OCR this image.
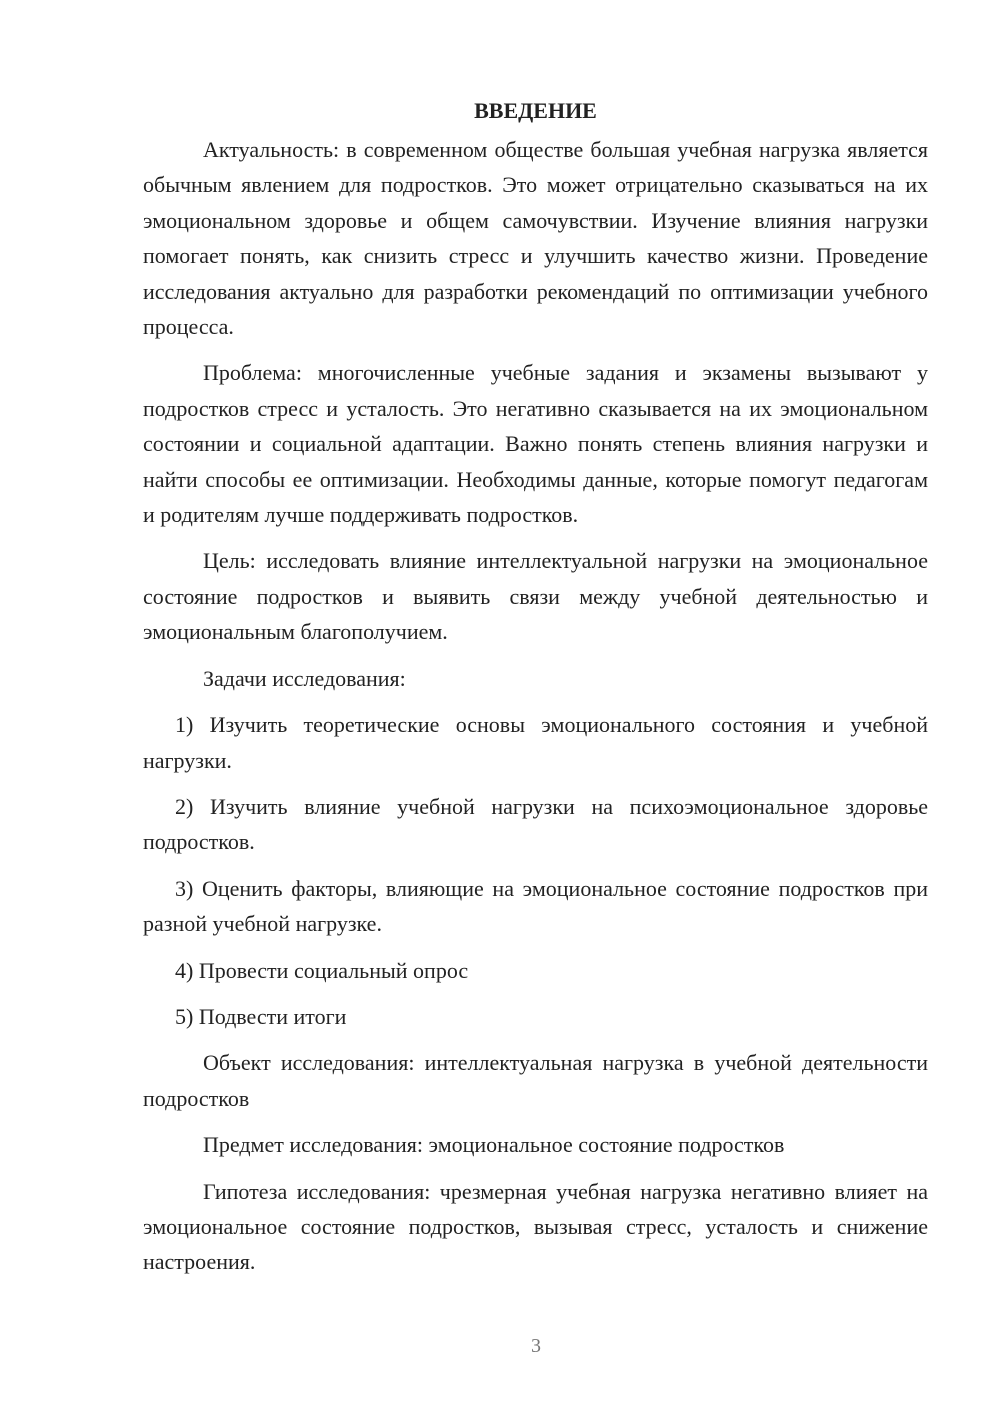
ВВЕДЕНИЕ

Актуальность: в современном обществе большая учебная нагрузка является обычным явлением для подростков. Это может отрицательно сказываться на их эмоциональном здоровье и общем самочувствии. Изучение влияния нагрузки помогает понять, как снизить стресс и улучшить качество жизни. Проведение исследования актуально для разработки рекомендаций по оптимизации учебного процесса.

Проблема: многочисленные учебные задания и экзамены вызывают у подростков стресс и усталость. Это негативно сказывается на их эмоциональном состоянии и социальной адаптации. Важно понять степень влияния нагрузки и найти способы ее оптимизации. Необходимы данные, которые помогут педагогам и родителям лучше поддерживать подростков.

Цель: исследовать влияние интеллектуальной нагрузки на эмоциональное состояние подростков и выявить связи между учебной деятельностью и эмоциональным благополучием.

Задачи исследования:

1) Изучить теоретические основы эмоционального состояния и учебной нагрузки.

2) Изучить влияние учебной нагрузки на психоэмоциональное здоровье подростков.

3) Оценить факторы, влияющие на эмоциональное состояние подростков при разной учебной нагрузке.

4) Провести социальный опрос

5) Подвести итоги

Объект исследования: интеллектуальная нагрузка в учебной деятельности подростков

Предмет исследования: эмоциональное состояние подростков

Гипотеза исследования: чрезмерная учебная нагрузка негативно влияет на эмоциональное состояние подростков, вызывая стресс, усталость и снижение настроения.

3
